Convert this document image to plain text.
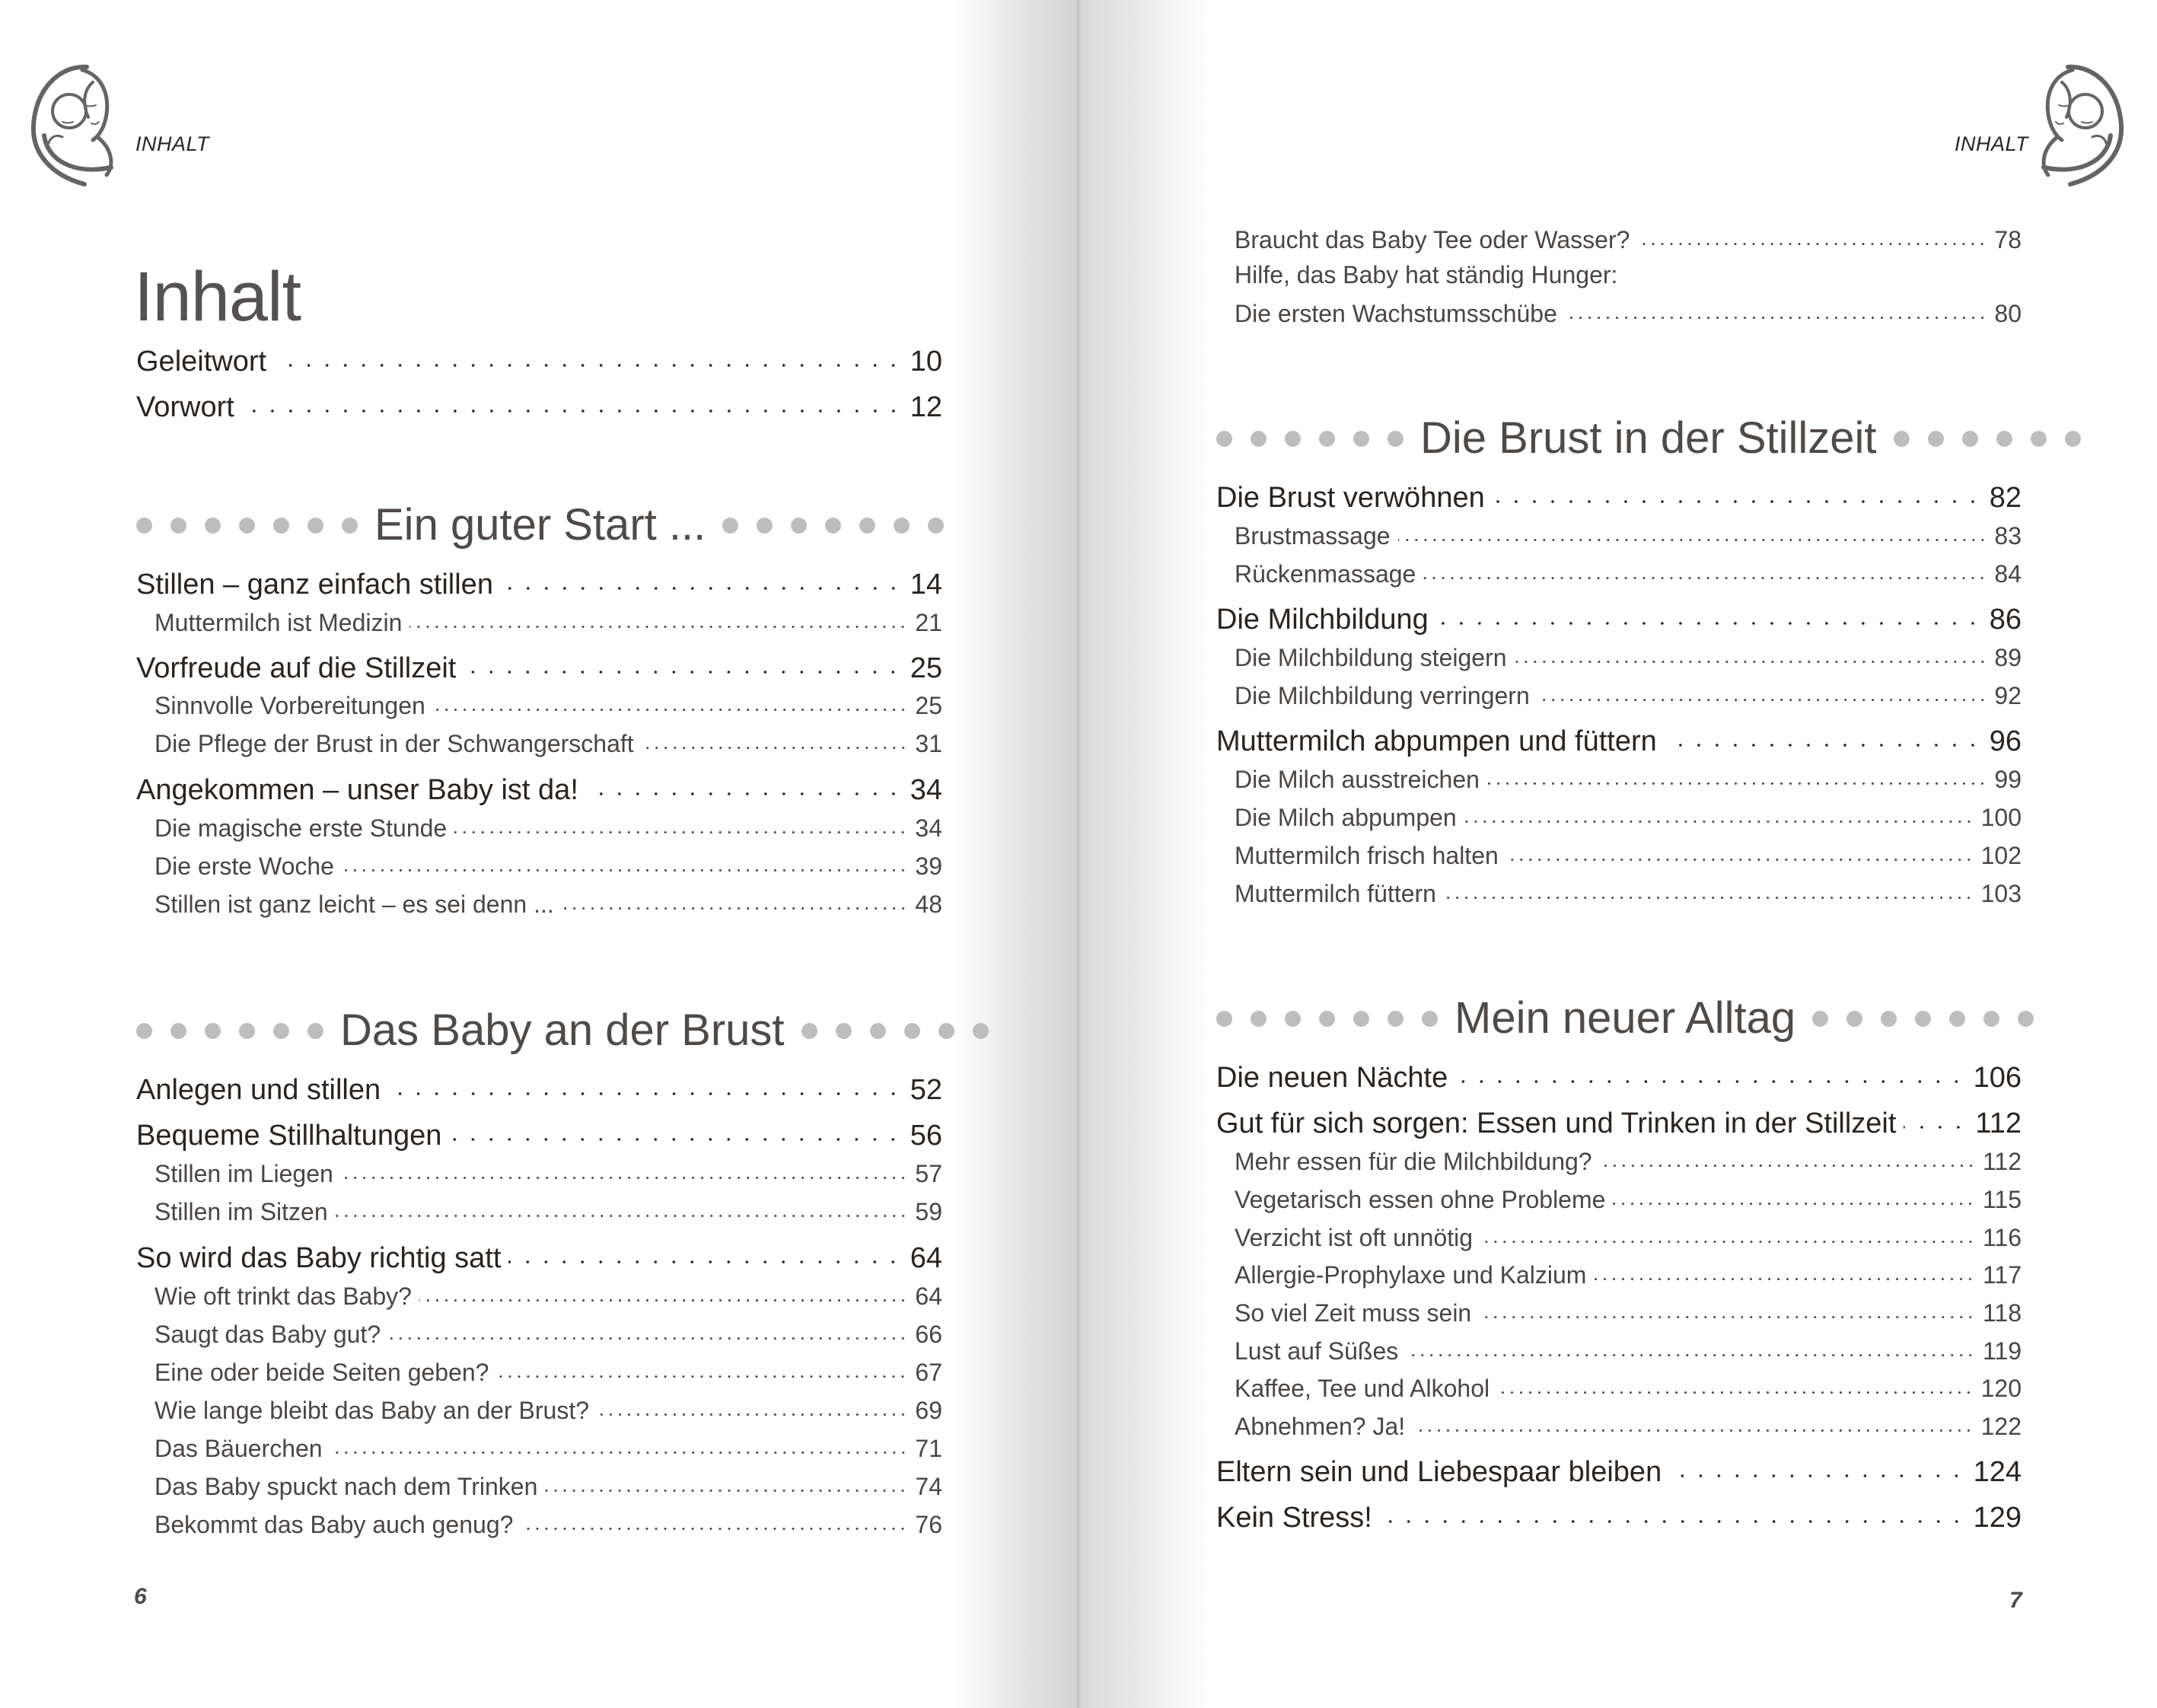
INHALT	INHALT
Inhalt
Geleitwort	10
Vorwort	12
Ein guter Start ...
Stillen – ganz einfach stillen	14
Muttermilch ist Medizin	21
Vorfreude auf die Stillzeit	25
Sinnvolle Vorbereitungen	25
Die Pflege der Brust in der Schwangerschaft	31
Angekommen – unser Baby ist da!	34
Die magische erste Stunde	34
Die erste Woche	39
Stillen ist ganz leicht – es sei denn ...	48
Das Baby an der Brust
Anlegen und stillen	52
Bequeme Stillhaltungen	56
Stillen im Liegen	57
Stillen im Sitzen	59
So wird das Baby richtig satt	64
Wie oft trinkt das Baby?	64
Saugt das Baby gut?	66
Eine oder beide Seiten geben?	67
Wie lange bleibt das Baby an der Brust?	69
Das Bäuerchen	71
Das Baby spuckt nach dem Trinken	74
Bekommt das Baby auch genug?	76
Braucht das Baby Tee oder Wasser?	78
Hilfe, das Baby hat ständig Hunger:
Die ersten Wachstumsschübe	80
Die Brust in der Stillzeit
Die Brust verwöhnen	82
Brustmassage	83
Rückenmassage	84
Die Milchbildung	86
Die Milchbildung steigern	89
Die Milchbildung verringern	92
Muttermilch abpumpen und füttern	96
Die Milch ausstreichen	99
Die Milch abpumpen	100
Muttermilch frisch halten	102
Muttermilch füttern	103
Mein neuer Alltag
Die neuen Nächte	106
Gut für sich sorgen: Essen und Trinken in der Stillzeit	112
Mehr essen für die Milchbildung?	112
Vegetarisch essen ohne Probleme	115
Verzicht ist oft unnötig	116
Allergie-Prophylaxe und Kalzium	117
So viel Zeit muss sein	118
Lust auf Süßes	119
Kaffee, Tee und Alkohol	120
Abnehmen? Ja!	122
Eltern sein und Liebespaar bleiben	124
Kein Stress!	129
6	7
